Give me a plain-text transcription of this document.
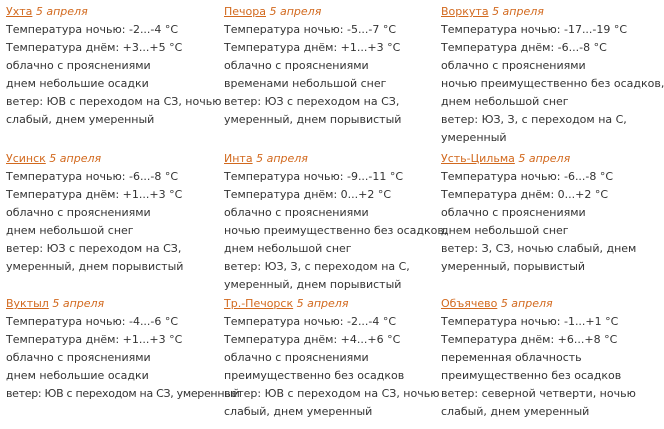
Ухта 5 апреля
Температура ночью: -2...-4 °C
Температура днём: +3...+5 °C
облачно с прояснениями
днем небольшие осадки
ветер: ЮВ с переходом на СЗ, ночью
слабый, днем умеренный
Печора 5 апреля
Температура ночью: -5...-7 °C
Температура днём: +1...+3 °C
облачно с прояснениями
временами небольшой снег
ветер: ЮЗ с переходом на СЗ,
умеренный, днем порывистый
Воркута 5 апреля
Температура ночью: -17...-19 °C
Температура днём: -6...-8 °C
облачно с прояснениями
ночью преимущественно без осадков,
днем небольшой снег
ветер: ЮЗ, З, с переходом на С,
умеренный
Усинск 5 апреля
Температура ночью: -6...-8 °C
Температура днём: +1...+3 °C
облачно с прояснениями
днем небольшой снег
ветер: ЮЗ с переходом на СЗ,
умеренный, днем порывистый
Инта 5 апреля
Температура ночью: -9...-11 °C
Температура днём: 0...+2 °C
облачно с прояснениями
ночью преимущественно без осадков,
днем небольшой снег
ветер: ЮЗ, З, с переходом на С,
умеренный, днем порывистый
Усть-Цильма 5 апреля
Температура ночью: -6...-8 °C
Температура днём: 0...+2 °C
облачно с прояснениями
днем небольшой снег
ветер: З, СЗ, ночью слабый, днем
умеренный, порывистый
Вуктыл 5 апреля
Температура ночью: -4...-6 °C
Температура днём: +1...+3 °C
облачно с прояснениями
днем небольшие осадки
ветер: ЮВ с переходом на СЗ, умеренный
Тр.-Печорск 5 апреля
Температура ночью: -2...-4 °C
Температура днём: +4...+6 °C
облачно с прояснениями
преимущественно без осадков
ветер: ЮВ с переходом на СЗ, ночью
слабый, днем умеренный
Объячево 5 апреля
Температура ночью: -1...+1 °C
Температура днём: +6...+8 °C
переменная облачность
преимущественно без осадков
ветер: северной четверти, ночью
слабый, днем умеренный
